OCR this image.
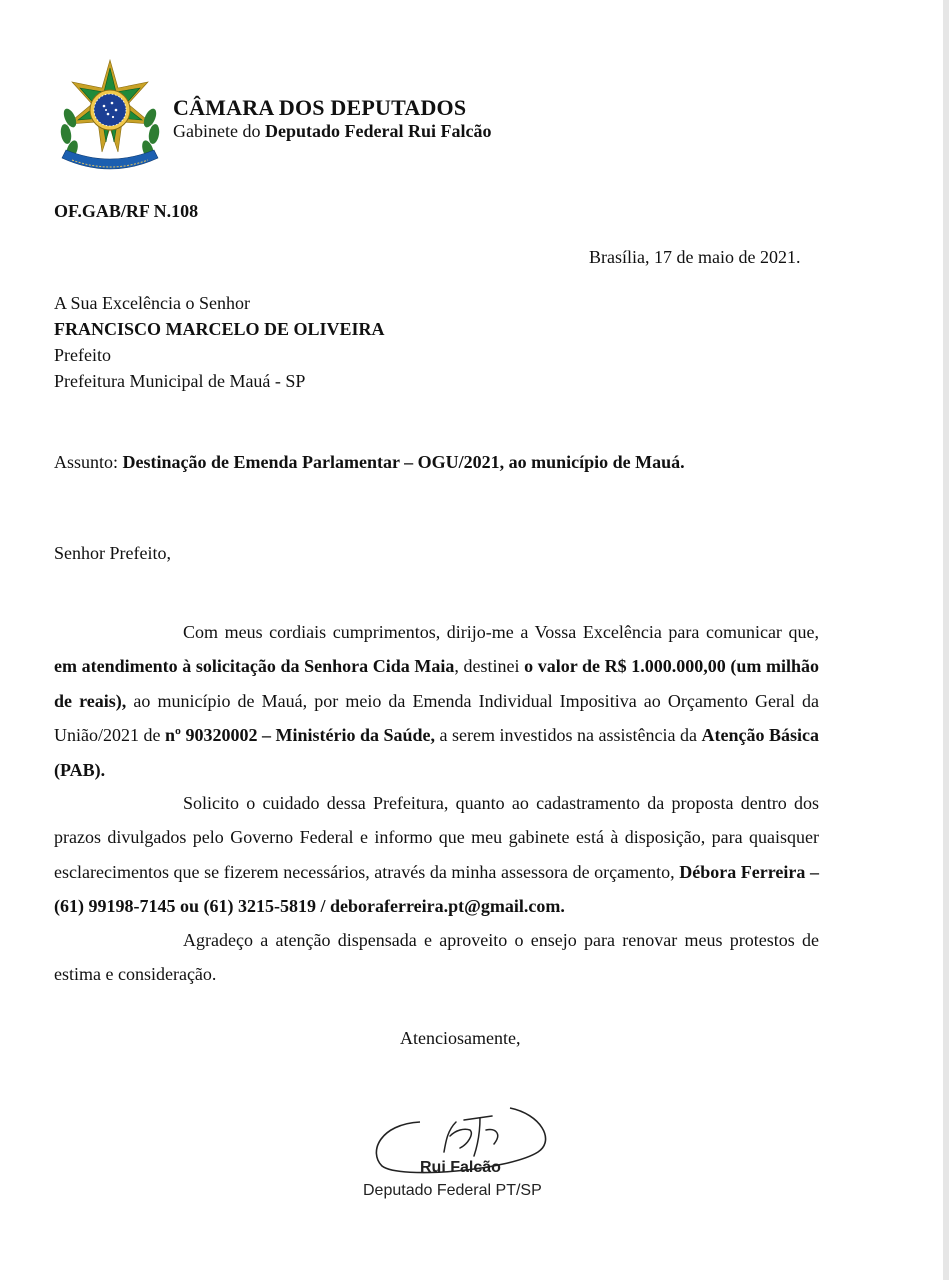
CÂMARA DOS DEPUTADOS
Gabinete do Deputado Federal Rui Falcão
OF.GAB/RF N.108
Brasília, 17 de maio de 2021.
A Sua Excelência o Senhor
FRANCISCO MARCELO DE OLIVEIRA
Prefeito
Prefeitura Municipal de Mauá - SP
Assunto: Destinação de Emenda Parlamentar – OGU/2021, ao município de Mauá.
Senhor Prefeito,
Com meus cordiais cumprimentos, dirijo-me a Vossa Excelência para comunicar que, em atendimento à solicitação da Senhora Cida Maia, destinei o valor de R$ 1.000.000,00 (um milhão de reais), ao município de Mauá, por meio da Emenda Individual Impositiva ao Orçamento Geral da União/2021 de nº 90320002 – Ministério da Saúde, a serem investidos na assistência da Atenção Básica (PAB).
Solicito o cuidado dessa Prefeitura, quanto ao cadastramento da proposta dentro dos prazos divulgados pelo Governo Federal e informo que meu gabinete está à disposição, para quaisquer esclarecimentos que se fizerem necessários, através da minha assessora de orçamento, Débora Ferreira – (61) 99198-7145 ou (61) 3215-5819 / deboraferreira.pt@gmail.com.
Agradeço a atenção dispensada e aproveito o ensejo para renovar meus protestos de estima e consideração.
Atenciosamente,
Rui Falcão
Deputado Federal PT/SP
